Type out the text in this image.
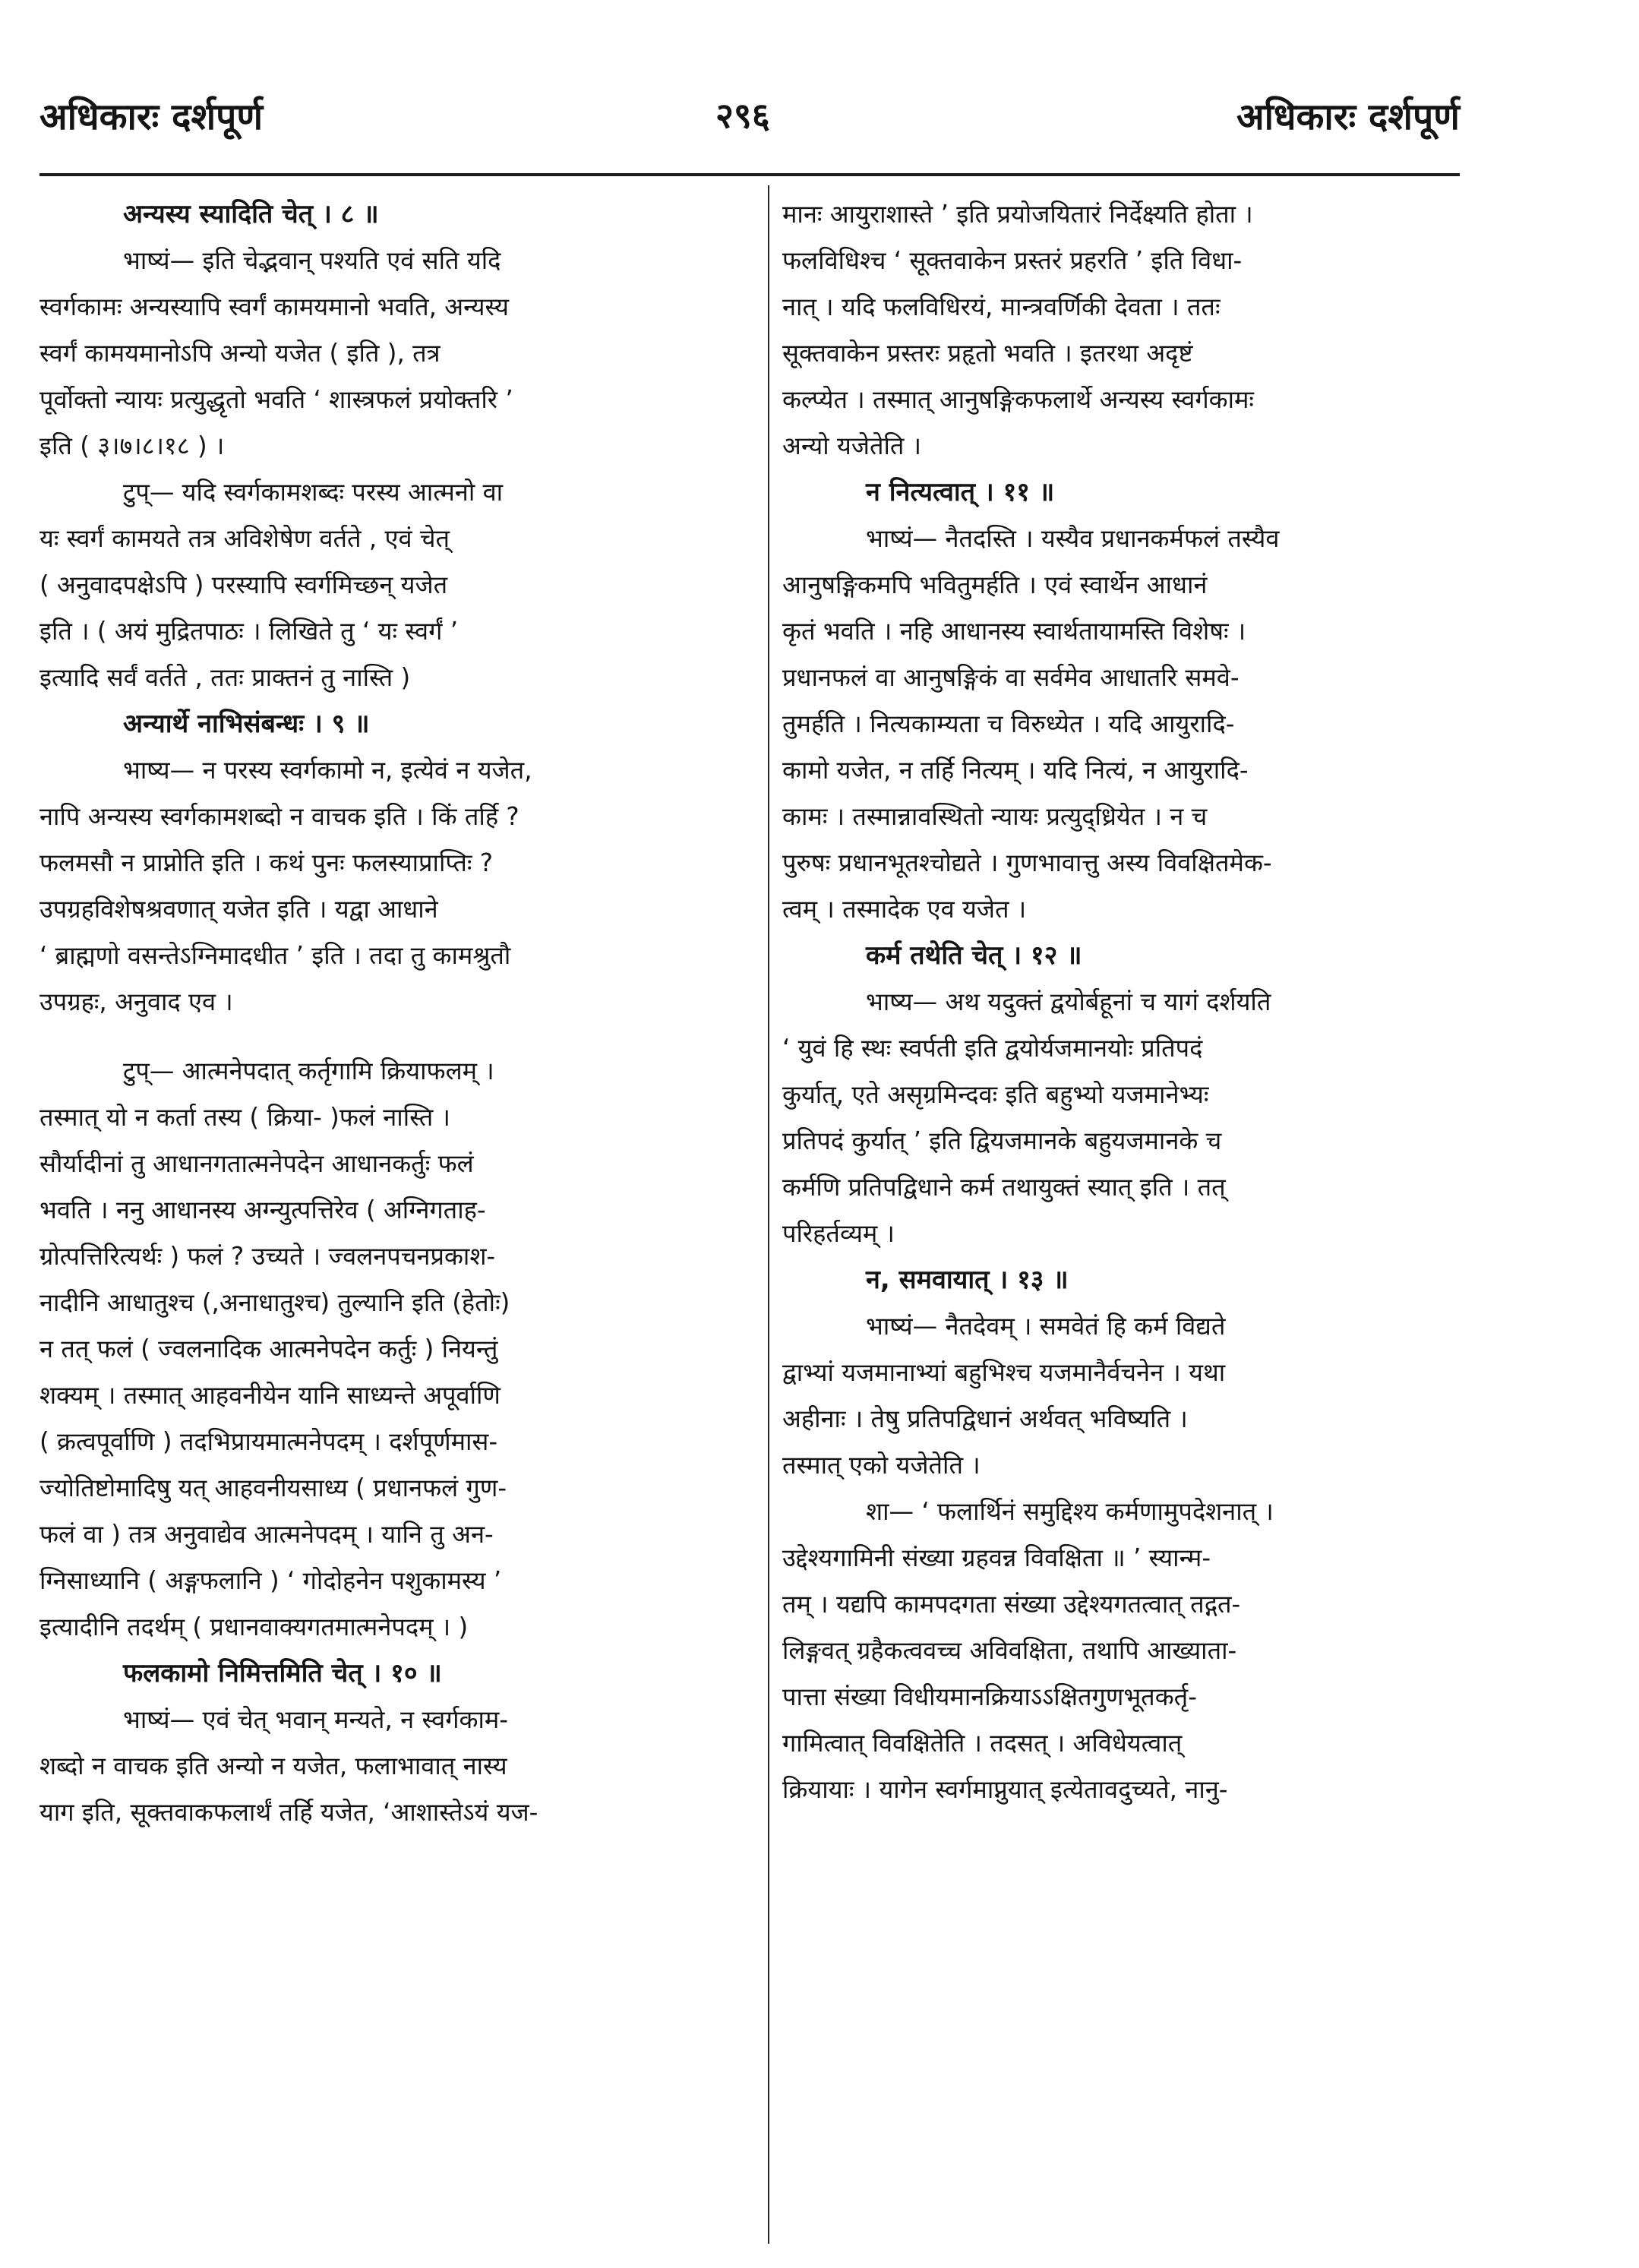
अधिकारः दर्शपूर्ण	२९६	अधिकारः दर्शपूर्ण
अन्यस्य स्यादिति चेत् । ८ ॥
भाष्यं— इति चेद्भवान् पश्यति एवं सति यदि
स्वर्गकामः अन्यस्यापि स्वर्गं कामयमानो भवति, अन्यस्य
स्वर्गं कामयमानोऽपि अन्यो यजेत ( इति ), तत्र
पूर्वोक्तो न्यायः प्रत्युद्धृतो भवति ‘ शास्त्रफलं प्रयोक्तरि ’
इति ( ३।७।८।१८ ) ।
टुप्— यदि स्वर्गकामशब्दः परस्य आत्मनो वा
यः स्वर्गं कामयते तत्र अविशेषेण वर्तते , एवं चेत्
( अनुवादपक्षेऽपि ) परस्यापि स्वर्गमिच्छन् यजेत
इति । ( अयं मुद्रितपाठः । लिखिते तु ‘ यः स्वर्गं ’
इत्यादि सर्वं वर्तते , ततः प्राक्तनं तु नास्ति )
अन्यार्थे नाभिसंबन्धः । ९ ॥
भाष्य— न परस्य स्वर्गकामो न, इत्येवं न यजेत,
नापि अन्यस्य स्वर्गकामशब्दो न वाचक इति । किं तर्हि ?
फलमसौ न प्राप्नोति इति । कथं पुनः फलस्याप्राप्तिः ?
उपग्रहविशेषश्रवणात् यजेत इति । यद्वा आधाने
‘ ब्राह्मणो वसन्तेऽग्निमादधीत ’ इति । तदा तु कामश्रुतौ
उपग्रहः, अनुवाद एव ।
टुप्— आत्मनेपदात् कर्तृगामि क्रियाफलम् ।
तस्मात् यो न कर्ता तस्य ( क्रिया- )फलं नास्ति ।
सौर्यादीनां तु आधानगतात्मनेपदेन आधानकर्तुः फलं
भवति । ननु आधानस्य अग्न्युत्पत्तिरेव ( अग्निगताह-
ग्रोत्पत्तिरित्यर्थः ) फलं ? उच्यते । ज्वलनपचनप्रकाश-
नादीनि आधातुश्च (,अनाधातुश्च) तुल्यानि इति (हेतोः)
न तत् फलं ( ज्वलनादिक आत्मनेपदेन कर्तुः ) नियन्तुं
शक्यम् । तस्मात् आहवनीयेन यानि साध्यन्ते अपूर्वाणि
( क्रत्वपूर्वाणि ) तदभिप्रायमात्मनेपदम् । दर्शपूर्णमास-
ज्योतिष्टोमादिषु यत् आहवनीयसाध्य ( प्रधानफलं गुण-
फलं वा ) तत्र अनुवाद्येव आत्मनेपदम् । यानि तु अन-
ग्निसाध्यानि ( अङ्गफलानि ) ‘ गोदोहनेन पशुकामस्य ’
इत्यादीनि तदर्थम् ( प्रधानवाक्यगतमात्मनेपदम् । )
फलकामो निमित्तमिति चेत् । १० ॥
भाष्यं— एवं चेत् भवान् मन्यते, न स्वर्गकाम-
शब्दो न वाचक इति अन्यो न यजेत, फलाभावात् नास्य
याग इति, सूक्तवाकफलार्थं तर्हि यजेत, ‘आशास्तेऽयं यज-
मानः आयुराशास्ते ’ इति प्रयोजयितारं निर्देक्ष्यति होता ।
फलविधिश्च ‘ सूक्तवाकेन प्रस्तरं प्रहरति ’ इति विधा-
नात् । यदि फलविधिरयं, मान्त्रवर्णिकी देवता । ततः
सूक्तवाकेन प्रस्तरः प्रहृतो भवति । इतरथा अदृष्टं
कल्प्येत । तस्मात् आनुषङ्गिकफलार्थे अन्यस्य स्वर्गकामः
अन्यो यजेतेति ।
न नित्यत्वात् । ११ ॥
भाष्यं— नैतदस्ति । यस्यैव प्रधानकर्मफलं तस्यैव
आनुषङ्गिकमपि भवितुमर्हति । एवं स्वार्थेन आधानं
कृतं भवति । नहि आधानस्य स्वार्थतायामस्ति विशेषः ।
प्रधानफलं वा आनुषङ्गिकं वा सर्वमेव आधातरि समवे-
तुमर्हति । नित्यकाम्यता च विरुध्येत । यदि आयुरादि-
कामो यजेत, न तर्हि नित्यम् । यदि नित्यं, न आयुरादि-
कामः । तस्मान्नावस्थितो न्यायः प्रत्युद्ध्रियेत । न च
पुरुषः प्रधानभूतश्चोद्यते । गुणभावात्तु अस्य विवक्षितमेक-
त्वम् । तस्मादेक एव यजेत ।
कर्म तथेति चेत् । १२ ॥
भाष्य— अथ यदुक्तं द्वयोर्बहूनां च यागं दर्शयति
‘ युवं हि स्थः स्वर्पती इति द्वयोर्यजमानयोः प्रतिपदं
कुर्यात्, एते असृग्रमिन्दवः इति बहुभ्यो यजमानेभ्यः
प्रतिपदं कुर्यात् ’ इति द्वियजमानके बहुयजमानके च
कर्मणि प्रतिपद्विधाने कर्म तथायुक्तं स्यात् इति । तत्
परिहर्तव्यम् ।
न, समवायात् । १३ ॥
भाष्यं— नैतदेवम् । समवेतं हि कर्म विद्यते
द्वाभ्यां यजमानाभ्यां बहुभिश्च यजमानैर्वचनेन । यथा
अहीनाः । तेषु प्रतिपद्विधानं अर्थवत् भविष्यति ।
तस्मात् एको यजेतेति ।
शा— ‘ फलार्थिनं समुद्दिश्य कर्मणामुपदेशनात् ।
उद्देश्यगामिनी संख्या ग्रहवन्न विवक्षिता ॥ ’ स्यान्म-
तम् । यद्यपि कामपदगता संख्या उद्देश्यगतत्वात् तद्गत-
लिङ्गवत् ग्रहैकत्ववच्च अविवक्षिता, तथापि आख्याता-
पात्ता संख्या विधीयमानक्रियाऽऽक्षितगुणभूतकर्तृ-
गामित्वात् विवक्षितेति । तदसत् । अविधेयत्वात्
क्रियायाः । यागेन स्वर्गमाप्नुयात् इत्येतावदुच्यते, नानु-
